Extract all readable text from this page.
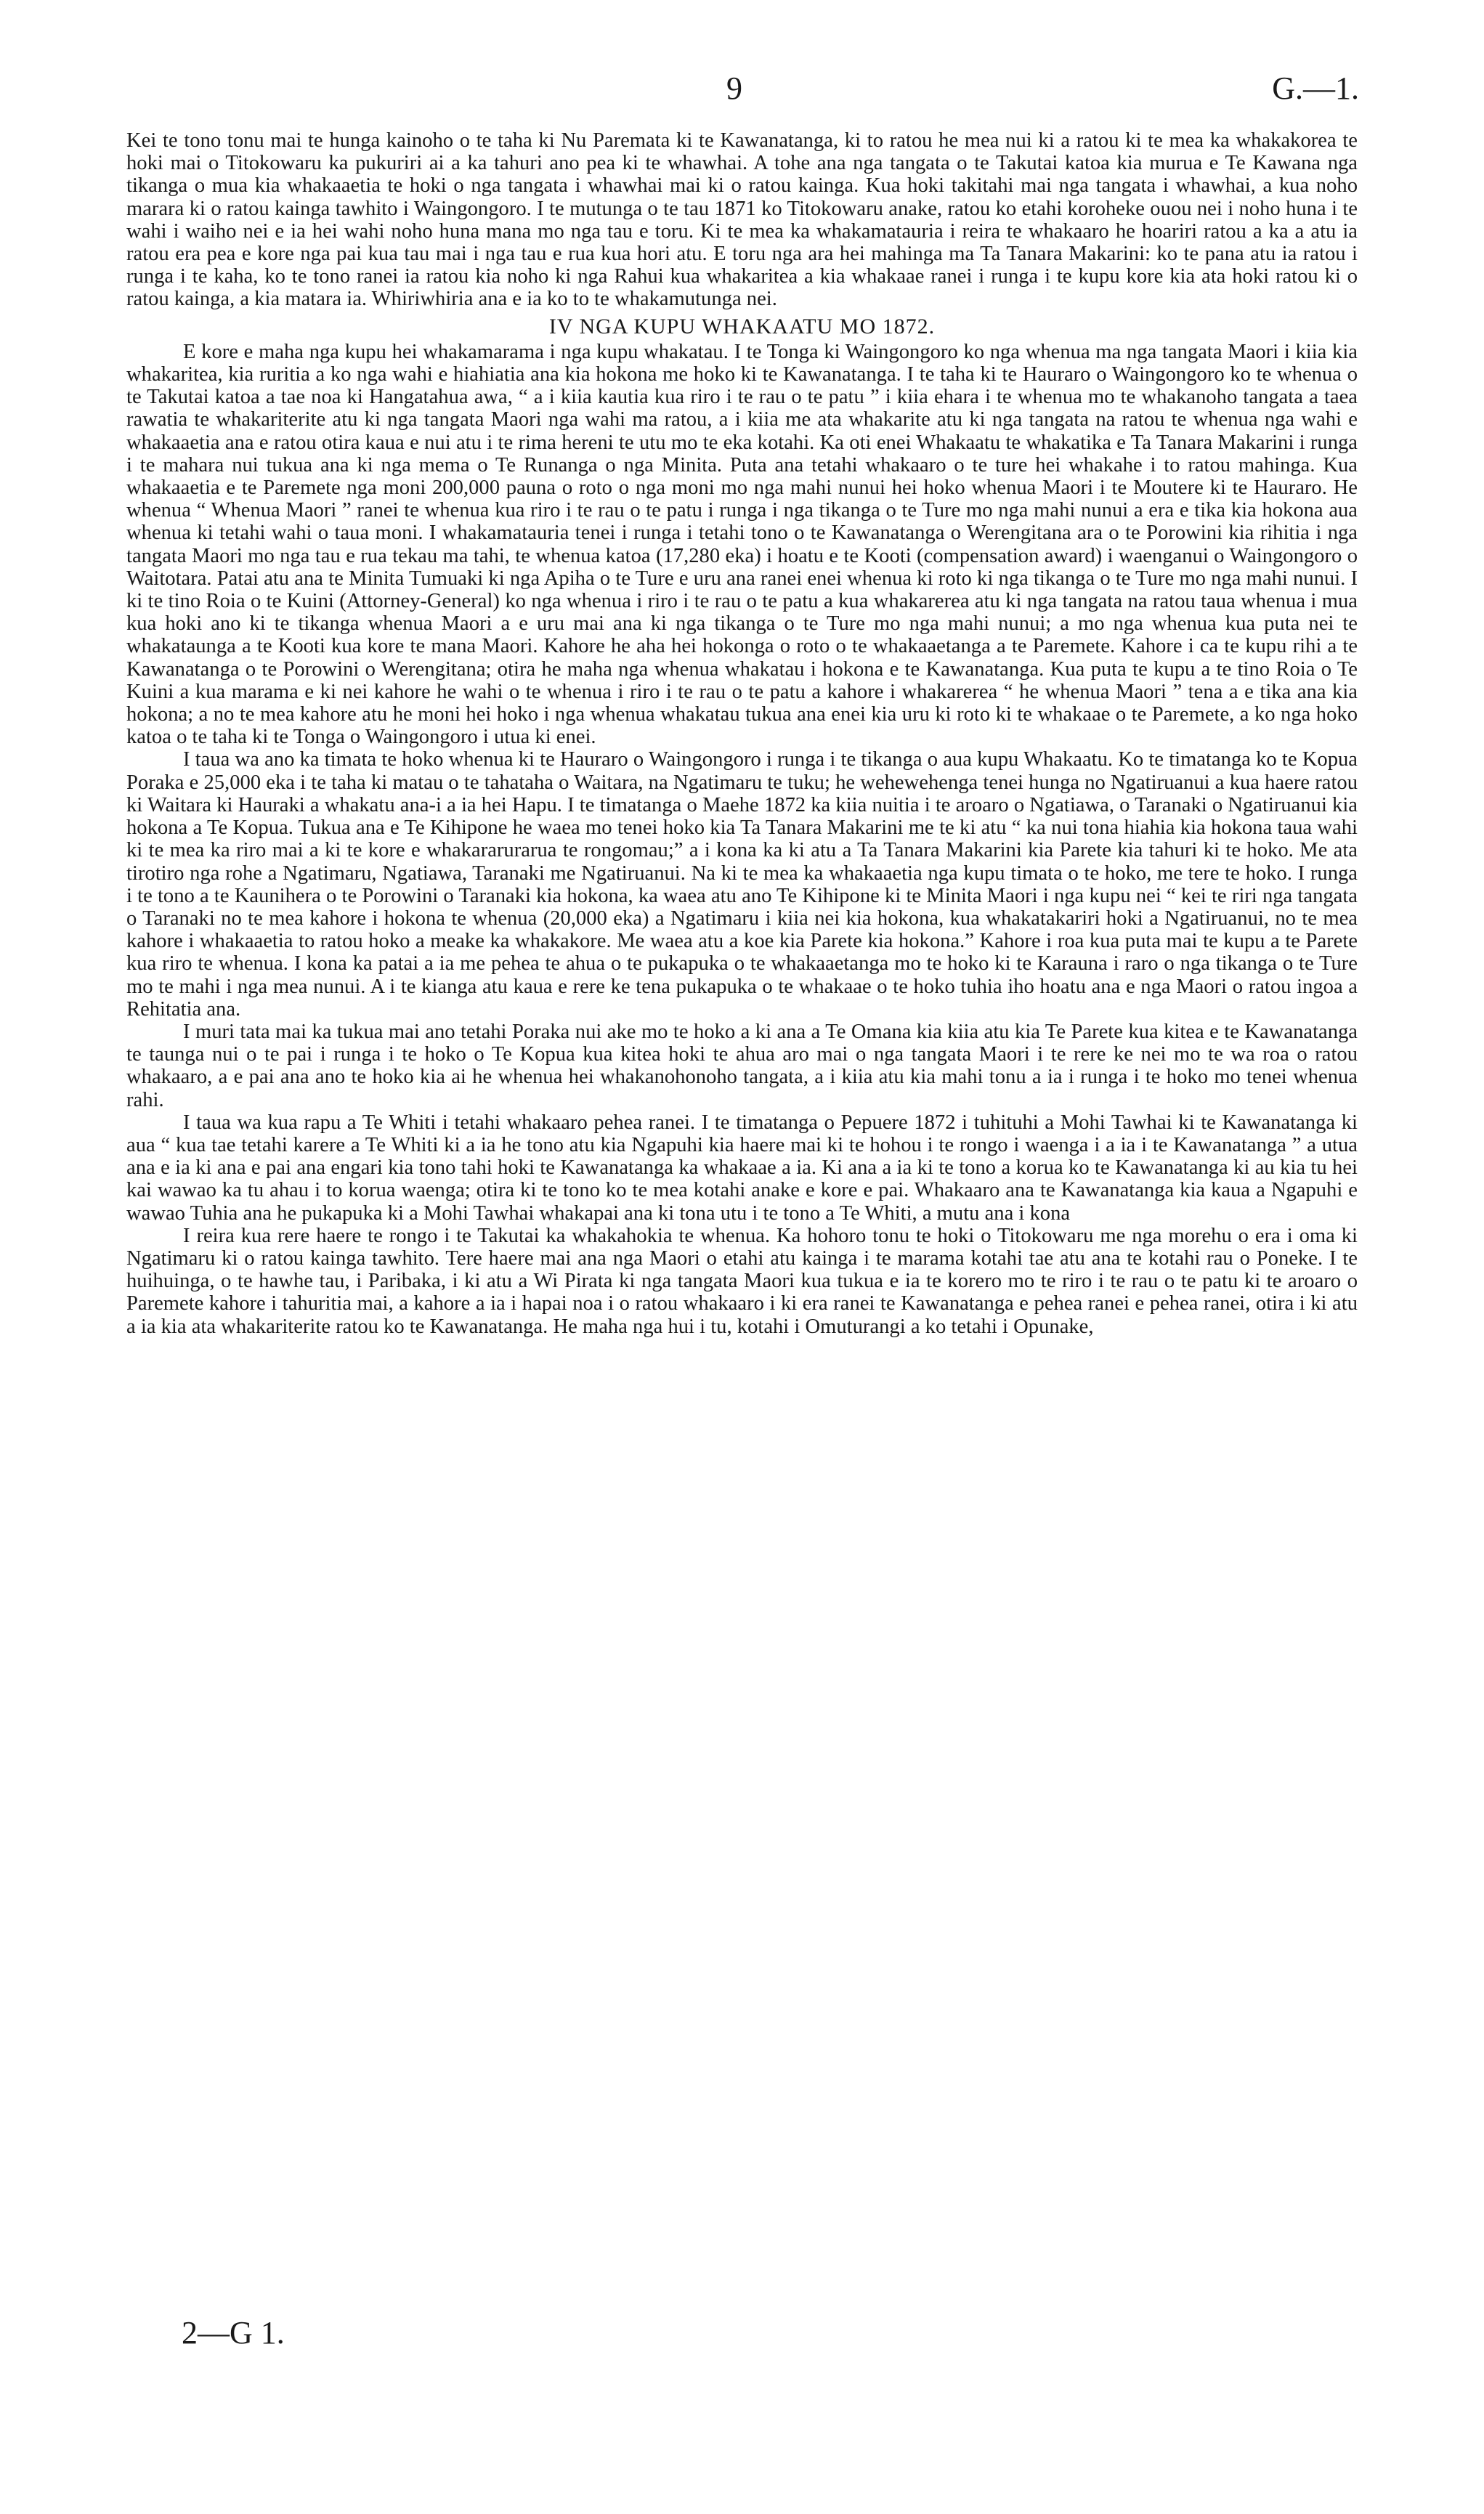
9	G.—1.

Kei te tono tonu mai te hunga kainoho o te taha ki Nu Paremata ki te Kawanatanga, ki to ratou he mea nui ki a ratou ki te mea ka whakakorea te hoki mai o Titokowaru ka pukuriri ai a ka tahuri ano pea ki te whawhai. A tohe ana nga tangata o te Takutai katoa kia murua e Te Kawana nga tikanga o mua kia whakaaetia te hoki o nga tangata i whawhai mai ki o ratou kainga. Kua hoki takitahi mai nga tangata i whawhai, a kua noho marara ki o ratou kainga tawhito i Waingongoro. I te mutunga o te tau 1871 ko Titokowaru anake, ratou ko etahi koroheke ouou nei i noho huna i te wahi i waiho nei e ia hei wahi noho huna mana mo nga tau e toru. Ki te mea ka whakamatauria i reira te whakaaro he hoariri ratou a ka a atu ia ratou era pea e kore nga pai kua tau mai i nga tau e rua kua hori atu. E toru nga ara hei mahinga ma Ta Tanara Makarini: ko te pana atu ia ratou i runga i te kaha, ko te tono ranei ia ratou kia noho ki nga Rahui kua whakaritea a kia whakaae ranei i runga i te kupu kore kia ata hoki ratou ki o ratou kainga, a kia matara ia. Whiriwhiria ana e ia ko to te whakamutunga nei.

IV NGA KUPU WHAKAATU MO 1872.

E kore e maha nga kupu hei whakamarama i nga kupu whakatau. I te Tonga ki Waingongoro ko nga whenua ma nga tangata Maori i kiia kia whakaritea, kia ruritia a ko nga wahi e hiahiatia ana kia hokona me hoko ki te Kawanatanga. I te taha ki te Hauraro o Waingongoro ko te whenua o te Takutai katoa a tae noa ki Hangatahua awa, “ a i kiia kautia kua riro i te rau o te patu ” i kiia ehara i te whenua mo te whakanoho tangata a taea rawatia te whakariterite atu ki nga tangata Maori nga wahi ma ratou, a i kiia me ata whakarite atu ki nga tangata na ratou te whenua nga wahi e whakaaetia ana e ratou otira kaua e nui atu i te rima hereni te utu mo te eka kotahi. Ka oti enei Whakaatu te whakatika e Ta Tanara Makarini i runga i te mahara nui tukua ana ki nga mema o Te Runanga o nga Minita. Puta ana tetahi whakaaro o te ture hei whakahe i to ratou mahinga. Kua whakaaetia e te Paremete nga moni 200,000 pauna o roto o nga moni mo nga mahi nunui hei hoko whenua Maori i te Moutere ki te Hauraro. He whenua “ Whenua Maori ” ranei te whenua kua riro i te rau o te patu i runga i nga tikanga o te Ture mo nga mahi nunui a era e tika kia hokona aua whenua ki tetahi wahi o taua moni. I whakamatauria tenei i runga i tetahi tono o te Kawanatanga o Werengitana ara o te Porowini kia rihitia i nga tangata Maori mo nga tau e rua tekau ma tahi, te whenua katoa (17,280 eka) i hoatu e te Kooti (compensation award) i waenganui o Waingongoro o Waitotara. Patai atu ana te Minita Tumuaki ki nga Apiha o te Ture e uru ana ranei enei whenua ki roto ki nga tikanga o te Ture mo nga mahi nunui. I ki te tino Roia o te Kuini (Attorney-General) ko nga whenua i riro i te rau o te patu a kua whakarerea atu ki nga tangata na ratou taua whenua i mua kua hoki ano ki te tikanga whenua Maori a e uru mai ana ki nga tikanga o te Ture mo nga mahi nunui; a mo nga whenua kua puta nei te whakataunga a te Kooti kua kore te mana Maori. Kahore he aha hei hokonga o roto o te whakaaetanga a te Paremete. Kahore i ca te kupu rihi a te Kawanatanga o te Porowini o Werengitana; otira he maha nga whenua whakatau i hokona e te Kawanatanga. Kua puta te kupu a te tino Roia o Te Kuini a kua marama e ki nei kahore he wahi o te whenua i riro i te rau o te patu a kahore i whakarerea “ he whenua Maori ” tena a e tika ana kia hokona; a no te mea kahore atu he moni hei hoko i nga whenua whakatau tukua ana enei kia uru ki roto ki te whakaae o te Paremete, a ko nga hoko katoa o te taha ki te Tonga o Waingongoro i utua ki enei.

I taua wa ano ka timata te hoko whenua ki te Hauraro o Waingongoro i runga i te tikanga o aua kupu Whakaatu. Ko te timatanga ko te Kopua Poraka e 25,000 eka i te taha ki matau o te tahataha o Waitara, na Ngatimaru te tuku; he wehewehenga tenei hunga no Ngatiruanui a kua haere ratou ki Waitara ki Hauraki a whakatu ana-i a ia hei Hapu. I te timatanga o Maehe 1872 ka kiia nuitia i te aroaro o Ngatiawa, o Taranaki o Ngatiruanui kia hokona a Te Kopua. Tukua ana e Te Kihipone he waea mo tenei hoko kia Ta Tanara Makarini me te ki atu “ ka nui tona hiahia kia hokona taua wahi ki te mea ka riro mai a ki te kore e whakararurarua te rongomau;” a i kona ka ki atu a Ta Tanara Makarini kia Parete kia tahuri ki te hoko. Me ata tirotiro nga rohe a Ngatimaru, Ngatiawa, Taranaki me Ngatiruanui. Na ki te mea ka whakaaetia nga kupu timata o te hoko, me tere te hoko. I runga i te tono a te Kaunihera o te Porowini o Taranaki kia hokona, ka waea atu ano Te Kihipone ki te Minita Maori i nga kupu nei “ kei te riri nga tangata o Taranaki no te mea kahore i hokona te whenua (20,000 eka) a Ngatimaru i kiia nei kia hokona, kua whakatakariri hoki a Ngatiruanui, no te mea kahore i whakaaetia to ratou hoko a meake ka whakakore. Me waea atu a koe kia Parete kia hokona.” Kahore i roa kua puta mai te kupu a te Parete kua riro te whenua. I kona ka patai a ia me pehea te ahua o te pukapuka o te whakaaetanga mo te hoko ki te Karauna i raro o nga tikanga o te Ture mo te mahi i nga mea nunui. A i te kianga atu kaua e rere ke tena pukapuka o te whakaae o te hoko tuhia iho hoatu ana e nga Maori o ratou ingoa a Rehitatia ana.

I muri tata mai ka tukua mai ano tetahi Poraka nui ake mo te hoko a ki ana a Te Omana kia kiia atu kia Te Parete kua kitea e te Kawanatanga te taunga nui o te pai i runga i te hoko o Te Kopua kua kitea hoki te ahua aro mai o nga tangata Maori i te rere ke nei mo te wa roa o ratou whakaaro, a e pai ana ano te hoko kia ai he whenua hei whakanohonoho tangata, a i kiia atu kia mahi tonu a ia i runga i te hoko mo tenei whenua rahi.

I taua wa kua rapu a Te Whiti i tetahi whakaaro pehea ranei. I te timatanga o Pepuere 1872 i tuhituhi a Mohi Tawhai ki te Kawanatanga ki aua “ kua tae tetahi karere a Te Whiti ki a ia he tono atu kia Ngapuhi kia haere mai ki te hohou i te rongo i waenga i a ia i te Kawanatanga ” a utua ana e ia ki ana e pai ana engari kia tono tahi hoki te Kawanatanga ka whakaae a ia. Ki ana a ia ki te tono a korua ko te Kawanatanga ki au kia tu hei kai wawao ka tu ahau i to korua waenga; otira ki te tono ko te mea kotahi anake e kore e pai. Whakaaro ana te Kawanatanga kia kaua a Ngapuhi e wawao Tuhia ana he pukapuka ki a Mohi Tawhai whakapai ana ki tona utu i te tono a Te Whiti, a mutu ana i kona

I reira kua rere haere te rongo i te Takutai ka whakahokia te whenua. Ka hohoro tonu te hoki o Titokowaru me nga morehu o era i oma ki Ngatimaru ki o ratou kainga tawhito. Tere haere mai ana nga Maori o etahi atu kainga i te marama kotahi tae atu ana te kotahi rau o Poneke. I te huihuinga, o te hawhe tau, i Paribaka, i ki atu a Wi Pirata ki nga tangata Maori kua tukua e ia te korero mo te riro i te rau o te patu ki te aroaro o Paremete kahore i tahuritia mai, a kahore a ia i hapai noa i o ratou whakaaro i ki era ranei te Kawanatanga e pehea ranei e pehea ranei, otira i ki atu a ia kia ata whakariterite ratou ko te Kawanatanga. He maha nga hui i tu, kotahi i Omuturangi a ko tetahi i Opunake,

2—G 1.
